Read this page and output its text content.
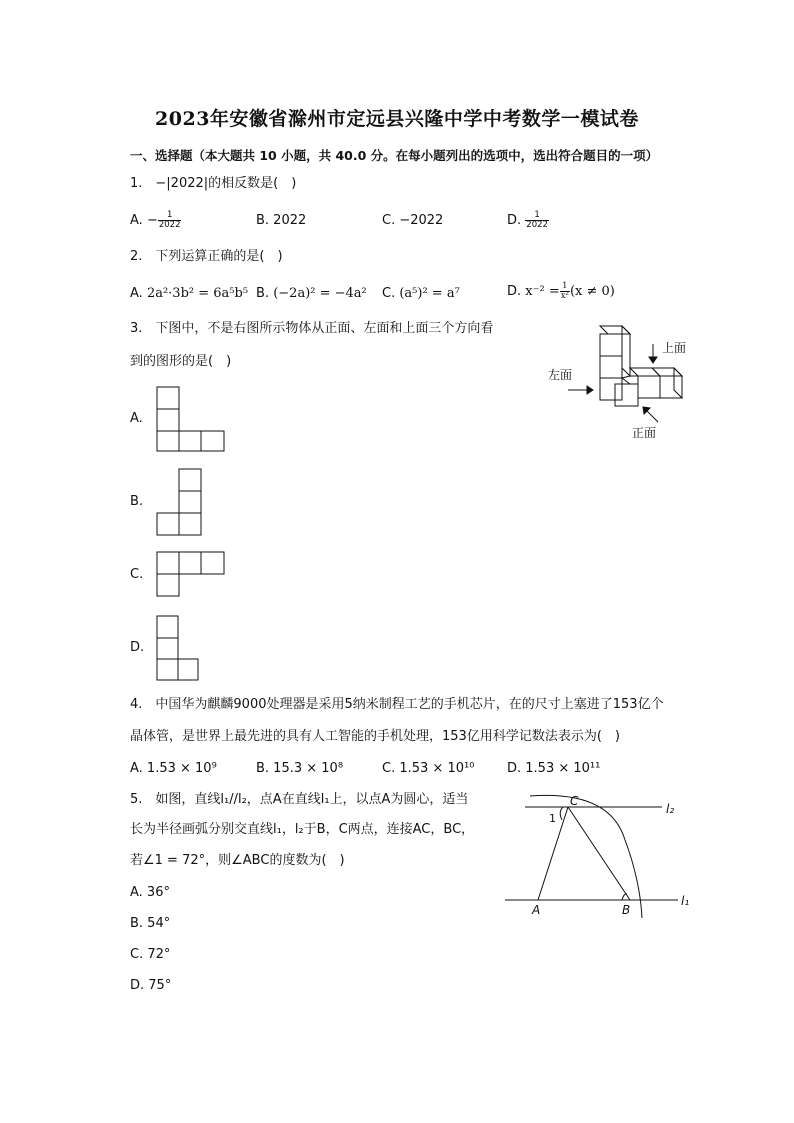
2023年安徽省滁州市定远县兴隆中学中考数学一模试卷
一、选择题（本大题共 10 小题，共 40.0 分。在每小题列出的选项中，选出符合题目的一项）
1.　−|2022|的相反数是(　)
A. − $\frac{1}{2022}$	B. 2022	C. −2022	D. $\frac{1}{2022}$
2.　下列运算正确的是(　)
A. 2a²·3b² = 6a⁵b⁵ B. (−2a)² = −4a² C. (a⁵)² = a⁷	D. $x^{-2} = \frac{1}{\text{x²}} (x \ne 0)$
3.　下图中，不是右图所示物体从正面、左面和上面三个方向看
到的图形的是(　)
上面
左面
正面
A.
B.
C.
D.
4.　中国华为麒麟9000处理器是采用5纳米制程工艺的手机芯片，在的尺寸上塞进了153亿个
晶体管，是世界上最先进的具有人工智能的手机处理，153亿用科学记数法表示为(　)
A. 1.53 × 10⁹	B. 15.3 × 10⁸	C. 1.53 × 10¹⁰	D. 1.53 × 10¹¹
5.　如图，直线l₁//l₂，点A在直线l₁上，以点A为圆心，适当
长为半径画弧分别交直线l₁，l₂于B，C两点，连接AC，BC，
若∠1 = 72°，则∠ABC的度数为(　)
A. 36°
B. 54°
C. 72°
D. 75°
C
1
A	B
l₂
l₁
